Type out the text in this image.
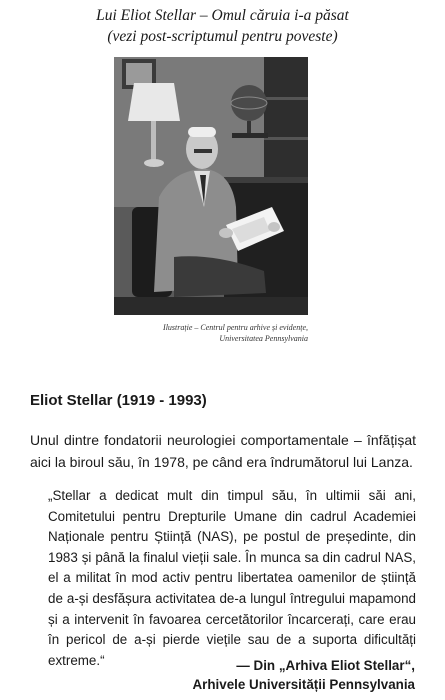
Lui Eliot Stellar – Omul căruia i-a păsat
(vezi post-scriptumul pentru poveste)
Ilustrație – Centrul pentru arhive și evidențe,
Universitatea Pennsylvania
Eliot Stellar (1919 - 1993)
Unul dintre fondatorii neurologiei comportamentale – înfățișat aici la biroul său, în 1978, pe când era îndrumătorul lui Lanza.
„Stellar a dedicat mult din timpul său, în ultimii săi ani, Comitetului pentru Drepturile Umane din cadrul Academiei Naționale pentru Știință (NAS), pe postul de președinte, din 1983 și până la finalul vieții sale. În munca sa din cadrul NAS, el a militat în mod activ pentru libertatea oamenilor de știință de a-și desfășura activitatea de-a lungul întregului mapamond și a intervenit în favoarea cercetătorilor încarcerați, care erau în pericol de a-și pierde viețile sau de a suporta dificultăți extreme.“	— Din „Arhiva Eliot Stellar“,
Arhivele Universității Pennsylvania
